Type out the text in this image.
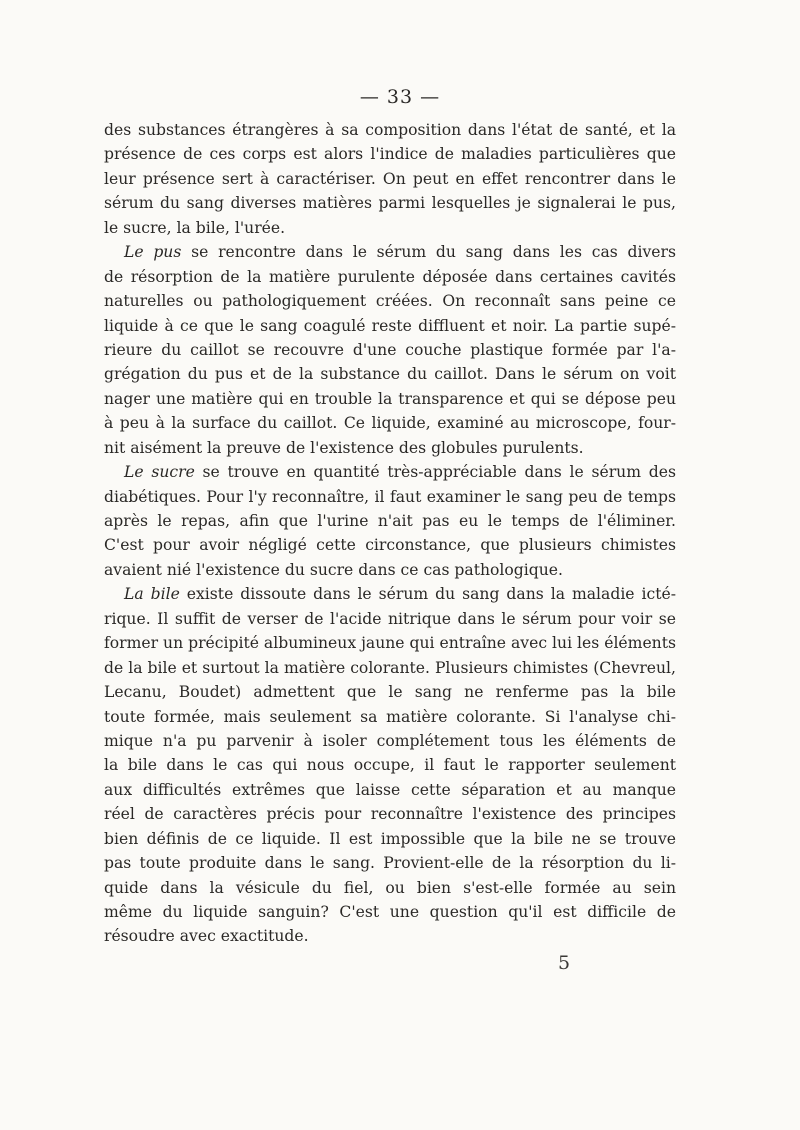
— 33 —
des substances étrangères à sa composition dans l'état de santé, et la
présence de ces corps est alors l'indice de maladies particulières que
leur présence sert à caractériser. On peut en effet rencontrer dans le
sérum du sang diverses matières parmi lesquelles je signalerai le pus,
le sucre, la bile, l'urée.
Le pus se rencontre dans le sérum du sang dans les cas divers
de résorption de la matière purulente déposée dans certaines cavités
naturelles ou pathologiquement créées. On reconnaît sans peine ce
liquide à ce que le sang coagulé reste diffluent et noir. La partie supé-
rieure du caillot se recouvre d'une couche plastique formée par l'a-
grégation du pus et de la substance du caillot. Dans le sérum on voit
nager une matière qui en trouble la transparence et qui se dépose peu
à peu à la surface du caillot. Ce liquide, examiné au microscope, four-
nit aisément la preuve de l'existence des globules purulents.
Le sucre se trouve en quantité très-appréciable dans le sérum des
diabétiques. Pour l'y reconnaître, il faut examiner le sang peu de temps
après le repas, afin que l'urine n'ait pas eu le temps de l'éliminer.
C'est pour avoir négligé cette circonstance, que plusieurs chimistes
avaient nié l'existence du sucre dans ce cas pathologique.
La bile existe dissoute dans le sérum du sang dans la maladie icté-
rique. Il suffit de verser de l'acide nitrique dans le sérum pour voir se
former un précipité albumineux jaune qui entraîne avec lui les éléments
de la bile et surtout la matière colorante. Plusieurs chimistes (Chevreul,
Lecanu, Boudet) admettent que le sang ne renferme pas la bile
toute formée, mais seulement sa matière colorante. Si l'analyse chi-
mique n'a pu parvenir à isoler complétement tous les éléments de
la bile dans le cas qui nous occupe, il faut le rapporter seulement
aux difficultés extrêmes que laisse cette séparation et au manque
réel de caractères précis pour reconnaître l'existence des principes
bien définis de ce liquide. Il est impossible que la bile ne se trouve
pas toute produite dans le sang. Provient-elle de la résorption du li-
quide dans la vésicule du fiel, ou bien s'est-elle formée au sein
même du liquide sanguin? C'est une question qu'il est difficile de
résoudre avec exactitude.
5
